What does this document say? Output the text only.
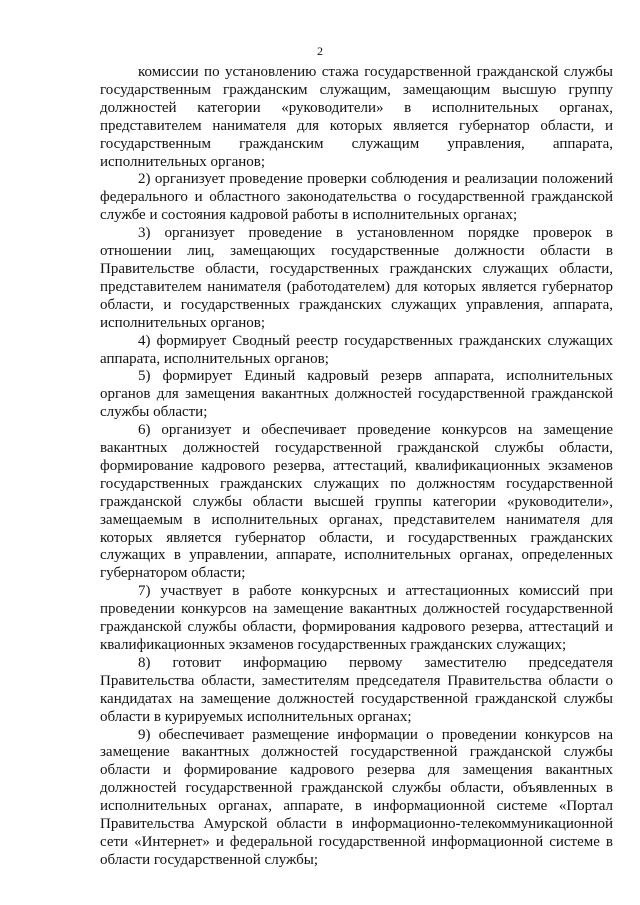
2

комиссии по установлению стажа государственной гражданской службы государственным гражданским служащим, замещающим высшую группу должностей категории «руководители» в исполнительных органах, представителем нанимателя для которых является губернатор области, и государственным гражданским служащим управления, аппарата, исполнительных органов;

2) организует проведение проверки соблюдения и реализации положений федерального и областного законодательства о государственной гражданской службе и состояния кадровой работы в исполнительных органах;

3) организует проведение в установленном порядке проверок в отношении лиц, замещающих государственные должности области в Правительстве области, государственных гражданских служащих области, представителем нанимателя (работодателем) для которых является губернатор области, и государственных гражданских служащих управления, аппарата, исполнительных органов;

4) формирует Сводный реестр государственных гражданских служащих аппарата, исполнительных органов;

5) формирует Единый кадровый резерв аппарата, исполнительных органов для замещения вакантных должностей государственной гражданской службы области;

6) организует и обеспечивает проведение конкурсов на замещение вакантных должностей государственной гражданской службы области, формирование кадрового резерва, аттестаций, квалификационных экзаменов государственных гражданских служащих по должностям государственной гражданской службы области высшей группы категории «руководители», замещаемым в исполнительных органах, представителем нанимателя для которых является губернатор области, и государственных гражданских служащих в управлении, аппарате, исполнительных органах, определенных губернатором области;

7) участвует в работе конкурсных и аттестационных комиссий при проведении конкурсов на замещение вакантных должностей государственной гражданской службы области, формирования кадрового резерва, аттестаций и квалификационных экзаменов государственных гражданских служащих;

8) готовит информацию первому заместителю председателя Правительства области, заместителям председателя Правительства области о кандидатах на замещение должностей государственной гражданской службы области в курируемых исполнительных органах;

9) обеспечивает размещение информации о проведении конкурсов на замещение вакантных должностей государственной гражданской службы области и формирование кадрового резерва для замещения вакантных должностей государственной гражданской службы области, объявленных в исполнительных органах, аппарате, в информационной системе «Портал Правительства Амурской области в информационно-телекоммуникационной сети «Интернет» и федеральной государственной информационной системе в области государственной службы;
